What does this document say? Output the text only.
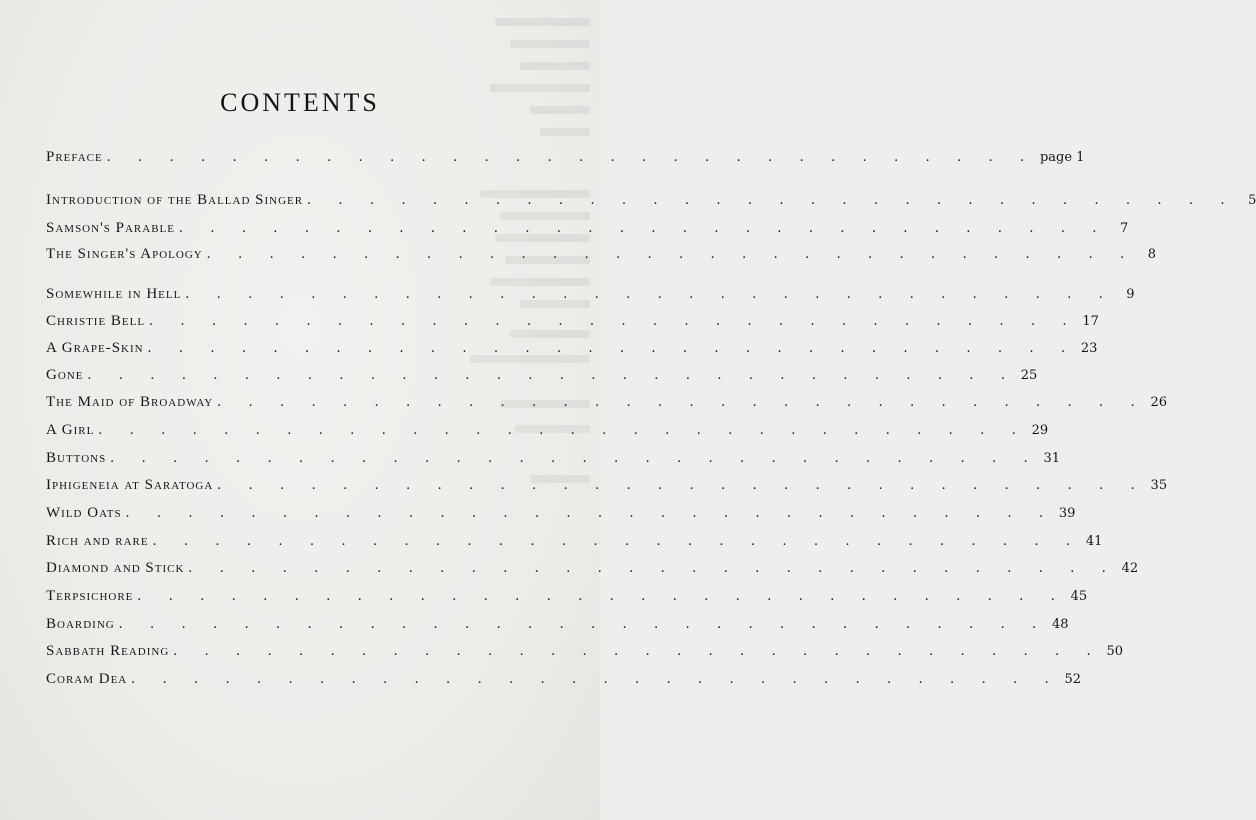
CONTENTS
Preface . . . . . . . . . . . . . . . . . . . . . . . . . . . . . . page 1
Introduction of the Ballad Singer . . . . . . . . . . . . . . . . . . . . . . . . . . . . . . 5
Samson's Parable . . . . . . . . . . . . . . . . . . . . . . . . . . . . . . 7
The Singer's Apology . . . . . . . . . . . . . . . . . . . . . . . . . . . . . . 8
Somewhile in Hell . . . . . . . . . . . . . . . . . . . . . . . . . . . . . . 9
Christie Bell . . . . . . . . . . . . . . . . . . . . . . . . . . . . . . 17
A Grape-Skin . . . . . . . . . . . . . . . . . . . . . . . . . . . . . . 23
Gone . . . . . . . . . . . . . . . . . . . . . . . . . . . . . . 25
The Maid of Broadway . . . . . . . . . . . . . . . . . . . . . . . . . . . . . . 26
A Girl . . . . . . . . . . . . . . . . . . . . . . . . . . . . . . 29
Buttons . . . . . . . . . . . . . . . . . . . . . . . . . . . . . . 31
Iphigeneia at Saratoga . . . . . . . . . . . . . . . . . . . . . . . . . . . . . . 35
Wild Oats . . . . . . . . . . . . . . . . . . . . . . . . . . . . . . 39
Rich and rare . . . . . . . . . . . . . . . . . . . . . . . . . . . . . . 41
Diamond and Stick . . . . . . . . . . . . . . . . . . . . . . . . . . . . . . 42
Terpsichore . . . . . . . . . . . . . . . . . . . . . . . . . . . . . . 45
Boarding . . . . . . . . . . . . . . . . . . . . . . . . . . . . . . 48
Sabbath Reading . . . . . . . . . . . . . . . . . . . . . . . . . . . . . . 50
Coram Dea . . . . . . . . . . . . . . . . . . . . . . . . . . . . . . 52
